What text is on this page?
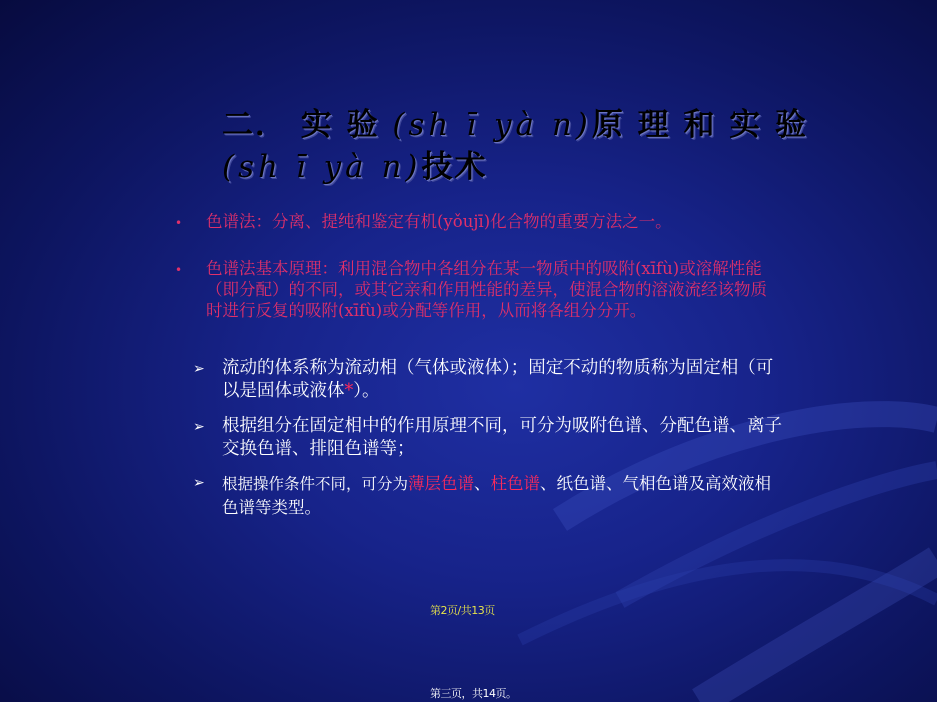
二． 实 验 (sh ī yà n)原 理 和 实 验
(sh ī yà n)技术
• 色谱法：分离、提纯和鉴定有机(yǒujī)化合物的重要方法之一。

• 色谱法基本原理：利用混合物中各组分在某一物质中的吸附(xīfù)或溶解性能（即分配）的不同，或其它亲和作用性能的差异，使混合物的溶液流经该物质时进行反复的吸附(xīfù)或分配等作用，从而将各组分分开。

➢ 流动的体系称为流动相（气体或液体）；固定不动的物质称为固定相（可以是固体或液体*）。

➢ 根据组分在固定相中的作用原理不同，可分为吸附色谱、分配色谱、离子交换色谱、排阻色谱等；

➢ 根据操作条件不同，可分为薄层色谱、柱色谱、纸色谱、气相色谱及高效液相色谱等类型。

第2页/共13页
第三页，共14页。
